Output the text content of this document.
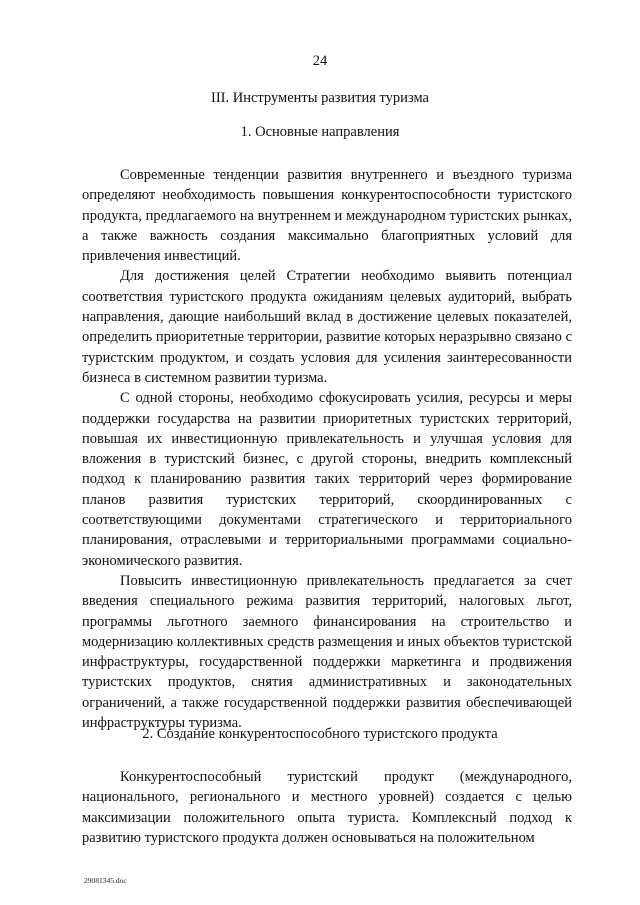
24
III. Инструменты развития туризма
1. Основные направления

Современные тенденции развития внутреннего и въездного туризма определяют необходимость повышения конкурентоспособности туристского продукта, предлагаемого на внутреннем и международном туристских рынках, а также важность создания максимально благоприятных условий для привлечения инвестиций.

Для достижения целей Стратегии необходимо выявить потенциал соответствия туристского продукта ожиданиям целевых аудиторий, выбрать направления, дающие наибольший вклад в достижение целевых показателей, определить приоритетные территории, развитие которых неразрывно связано с туристским продуктом, и создать условия для усиления заинтересованности бизнеса в системном развитии туризма.

С одной стороны, необходимо сфокусировать усилия, ресурсы и меры поддержки государства на развитии приоритетных туристских территорий, повышая их инвестиционную привлекательность и улучшая условия для вложения в туристский бизнес, с другой стороны, внедрить комплексный подход к планированию развития таких территорий через формирование планов развития туристских территорий, скоординированных с соответствующими документами стратегического и территориального планирования, отраслевыми и территориальными программами социально-экономического развития.

Повысить инвестиционную привлекательность предлагается за счет введения специального режима развития территорий, налоговых льгот, программы льготного заемного финансирования на строительство и модернизацию коллективных средств размещения и иных объектов туристской инфраструктуры, государственной поддержки маркетинга и продвижения туристских продуктов, снятия административных и законодательных ограничений, а также государственной поддержки развития обеспечивающей инфраструктуры туризма.

2. Создание конкурентоспособного туристского продукта

Конкурентоспособный туристский продукт (международного, национального, регионального и местного уровней) создается с целью максимизации положительного опыта туриста. Комплексный подход к развитию туристского продукта должен основываться на положительном

29081345.doc
